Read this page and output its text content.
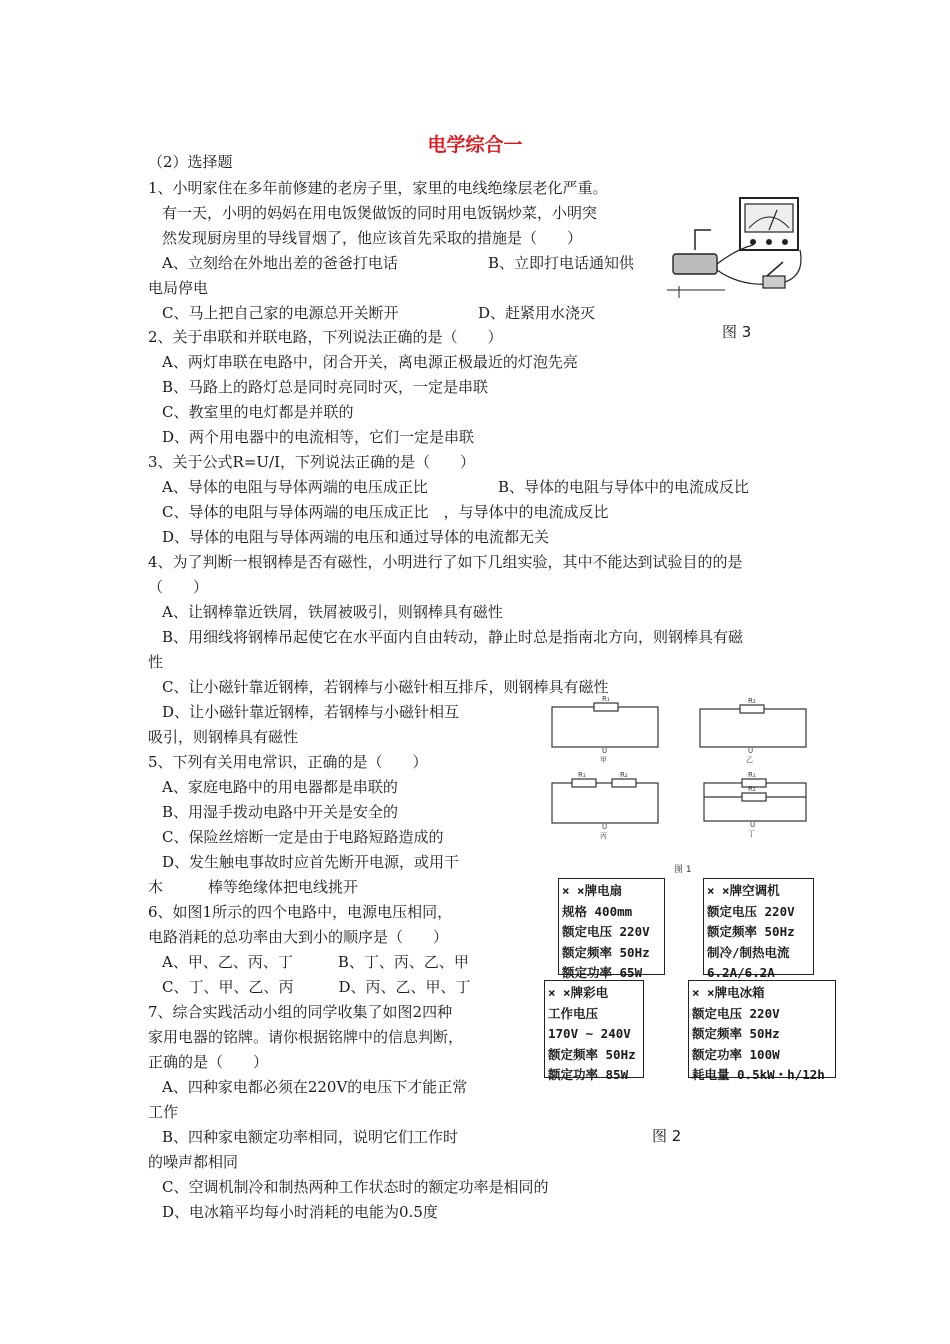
电学综合一
（2）选择题
1、小明家住在多年前修建的老房子里，家里的电线绝缘层老化严重。
有一天，小明的妈妈在用电饭煲做饭的同时用电饭锅炒菜，小明突
然发现厨房里的导线冒烟了，他应该首先采取的措施是（　　）
A、立刻给在外地出差的爸爸打电话	B、立即打电话通知供
电局停电
C、马上把自己家的电源总开关断开	D、赶紧用水浇灭
图 3
2、关于串联和并联电路，下列说法正确的是（　　）
A、两灯串联在电路中，闭合开关，离电源正极最近的灯泡先亮
B、马路上的路灯总是同时亮同时灭，一定是串联
C、教室里的电灯都是并联的
D、两个用电器中的电流相等，它们一定是串联
3、关于公式R=U/I，下列说法正确的是（　　）
A、导体的电阻与导体两端的电压成正比	B、导体的电阻与导体中的电流成反比
C、导体的电阻与导体两端的电压成正比　，与导体中的电流成反比
D、导体的电阻与导体两端的电压和通过导体的电流都无关
4、为了判断一根钢棒是否有磁性，小明进行了如下几组实验，其中不能达到试验目的的是
（　　）
A、让钢棒靠近铁屑，铁屑被吸引，则钢棒具有磁性
B、用细线将钢棒吊起使它在水平面内自由转动，静止时总是指南北方向，则钢棒具有磁
性
C、让小磁针靠近钢棒，若钢棒与小磁针相互排斥，则钢棒具有磁性
D、让小磁针靠近钢棒，若钢棒与小磁针相互
吸引，则钢棒具有磁性
R₁	R₂
R₁	R₂	R₁
R₂
U	U
U	U
甲	乙
丙	丁
图 1
5、下列有关用电常识，正确的是（　　）
A、家庭电路中的用电器都是串联的
B、用湿手拨动电路中开关是安全的
C、保险丝熔断一定是由于电路短路造成的
D、发生触电事故时应首先断开电源，或用干
木　　　棒等绝缘体把电线挑开
6、如图1所示的四个电路中，电源电压相同，
电路消耗的总功率由大到小的顺序是（　　）
A、甲、乙、丙、丁　　　B、丁、丙、乙、甲
C、丁、甲、乙、丙　　　D、丙、乙、甲、丁
7、综合实践活动小组的同学收集了如图2四种
家用电器的铭牌。请你根据铭牌中的信息判断，
正确的是（　　）
A、四种家电都必须在220V的电压下才能正常
工作
B、四种家电额定功率相同，说明它们工作时
的噪声都相同
C、空调机制冷和制热两种工作状态时的额定功率是相同的
D、电冰箱平均每小时消耗的电能为0.5度
× ×牌电扇
规格 400mm
额定电压 220V
额定频率 50Hz
额定功率 65W
× ×牌空调机
额定电压 220V
额定频率 50Hz
制冷/制热电流
6.2A/6.2A
× ×牌彩电
工作电压
170V ~ 240V
额定频率 50Hz
额定功率 85W
× ×牌电冰箱
额定电压 220V
额定频率 50Hz
额定功率 100W
耗电量 0.5kW・h/12h
图 2
